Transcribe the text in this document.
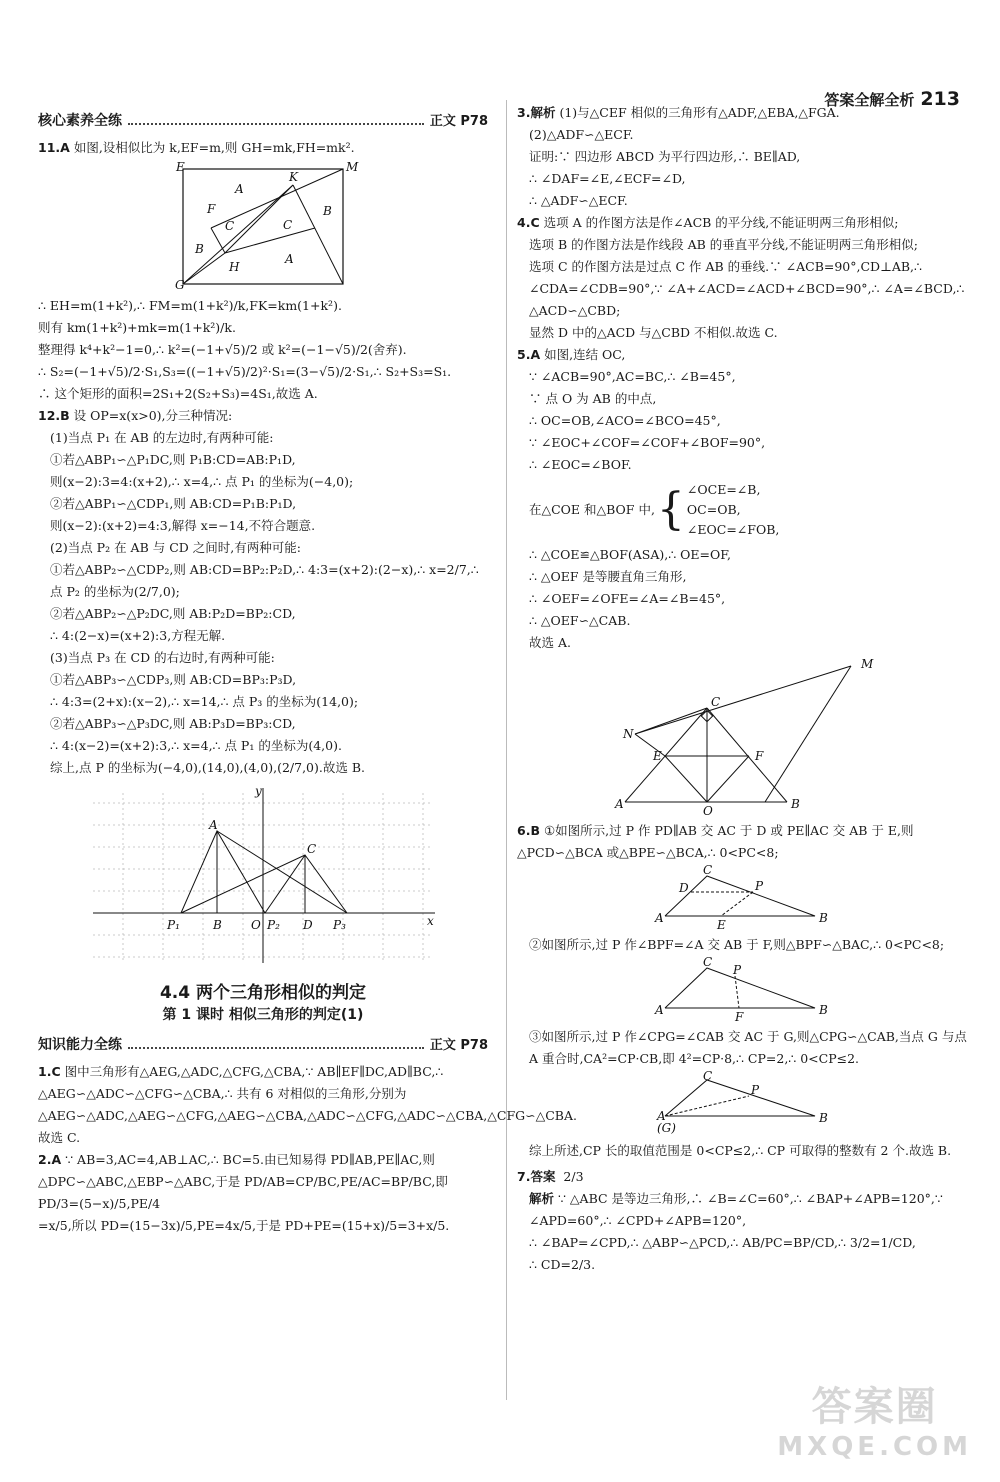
答案全解全析 213
核心素养全练	正文 P78
11.A 如图,设相似比为 k,EF=m,则 GH=mk,FH=mk².
E	M
A
K
F	B
C	C
B
H
A
G
∴ EH=m(1+k²),∴ FM=m(1+k²)/k,FK=km(1+k²).
则有 km(1+k²)+mk=m(1+k²)/k.
整理得 k⁴+k²−1=0,∴ k²=(−1+√5)/2 或 k²=(−1−√5)/2(舍弃).
∴ S₂=(−1+√5)/2·S₁,S₃=((−1+√5)/2)²·S₁=(3−√5)/2·S₁,∴ S₂+S₃=S₁.
∴ 这个矩形的面积=2S₁+2(S₂+S₃)=4S₁,故选 A.
12.B 设 OP=x(x>0),分三种情况:
(1)当点 P₁ 在 AB 的左边时,有两种可能:
①若△ABP₁∽△P₁DC,则 P₁B:CD=AB:P₁D,
则(x−2):3=4:(x+2),∴ x=4,∴ 点 P₁ 的坐标为(−4,0);
②若△ABP₁∽△CDP₁,则 AB:CD=P₁B:P₁D,
则(x−2):(x+2)=4:3,解得 x=−14,不符合题意.
(2)当点 P₂ 在 AB 与 CD 之间时,有两种可能:
①若△ABP₂∽△CDP₂,则 AB:CD=BP₂:P₂D,∴ 4:3=(x+2):(2−x),∴ x=2/7,∴ 点 P₂ 的坐标为(2/7,0);
②若△ABP₂∽△P₂DC,则 AB:P₂D=BP₂:CD,
∴ 4:(2−x)=(x+2):3,方程无解.
(3)当点 P₃ 在 CD 的右边时,有两种可能:
①若△ABP₃∽△CDP₃,则 AB:CD=BP₃:P₃D,
∴ 4:3=(2+x):(x−2),∴ x=14,∴ 点 P₃ 的坐标为(14,0);
②若△ABP₃∽△P₃DC,则 AB:P₃D=BP₃:CD,
∴ 4:(x−2)=(x+2):3,∴ x=4,∴ 点 P₁ 的坐标为(4,0).
综上,点 P 的坐标为(−4,0),(14,0),(4,0),(2/7,0).故选 B.
y
A
C
P₁	B O P₂ D P₃	x
4.4 两个三角形相似的判定
第 1 课时 相似三角形的判定(1)
知识能力全练	正文 P78
1.C 图中三角形有△AEG,△ADC,△CFG,△CBA,∵ AB∥EF∥DC,AD∥BC,∴ △AEG∽△ADC∽△CFG∽△CBA,∴ 共有 6 对相似的三角形,分别为△AEG∽△ADC,△AEG∽△CFG,△AEG∽△CBA,△ADC∽△CFG,△ADC∽△CBA,△CFG∽△CBA.故选 C.
2.A ∵ AB=3,AC=4,AB⊥AC,∴ BC=5.由已知易得 PD∥AB,PE∥AC,则
△DPC∽△ABC,△EBP∽△ABC,于是 PD/AB=CP/BC,PE/AC=BP/BC,即 PD/3=(5−x)/5,PE/4
=x/5,所以 PD=(15−3x)/5,PE=4x/5,于是 PD+PE=(15+x)/5=3+x/5.
3.解析 (1)与△CEF 相似的三角形有△ADF,△EBA,△FGA.
(2)△ADF∽△ECF.
证明:∵ 四边形 ABCD 为平行四边形,∴ BE∥AD,
∴ ∠DAF=∠E,∠ECF=∠D,
∴ △ADF∽△ECF.
4.C 选项 A 的作图方法是作∠ACB 的平分线,不能证明两三角形相似;
选项 B 的作图方法是作线段 AB 的垂直平分线,不能证明两三角形相似;
选项 C 的作图方法是过点 C 作 AB 的垂线.∵ ∠ACB=90°,CD⊥AB,∴ ∠CDA=∠CDB=90°,∵ ∠A+∠ACD=∠ACD+∠BCD=90°,∴ ∠A=∠BCD,∴ △ACD∽△CBD;
显然 D 中的△ACD 与△CBD 不相似.故选 C.
5.A 如图,连结 OC,
∵ ∠ACB=90°,AC=BC,∴ ∠B=45°,
∵ 点 O 为 AB 的中点,
∴ OC=OB,∠ACO=∠BCO=45°,
∵ ∠EOC+∠COF=∠COF+∠BOF=90°,
∴ ∠EOC=∠BOF.
在△COE 和△BOF 中, { ∠OCE=∠B,
OC=OB,
∠EOC=∠FOB,
∴ △COE≌△BOF(ASA),∴ OE=OF,
∴ △OEF 是等腰直角三角形,
∴ ∠OEF=∠OFE=∠A=∠B=45°,
∴ △OEF∽△CAB.
故选 A.
M
C
N
E	F
A	O	B
6.B ①如图所示,过 P 作 PD∥AB 交 AC 于 D 或 PE∥AC 交 AB 于 E,则△PCD∽△BCA 或△BPE∽△BCA,∴ 0<PC<8;
C
D	P
A	E	B
②如图所示,过 P 作∠BPF=∠A 交 AB 于 F,则△BPF∽△BAC,∴ 0<PC<8;
C
P
A	F	B
③如图所示,过 P 作∠CPG=∠CAB 交 AC 于 G,则△CPG∽△CAB,当点 G 与点 A 重合时,CA²=CP·CB,即 4²=CP·8,∴ CP=2,∴ 0<CP≤2.
C
P
A
(G)
B
综上所述,CP 长的取值范围是 0<CP≤2,∴ CP 可取得的整数有 2 个.故选 B.
7.答案 2/3
解析 ∵ △ABC 是等边三角形,∴ ∠B=∠C=60°,∴ ∠BAP+∠APB=120°,∵ ∠APD=60°,∴ ∠CPD+∠APB=120°,
∴ ∠BAP=∠CPD,∴ △ABP∽△PCD,∴ AB/PC=BP/CD,∴ 3/2=1/CD,
∴ CD=2/3.
答案圈
MXQE.COM
